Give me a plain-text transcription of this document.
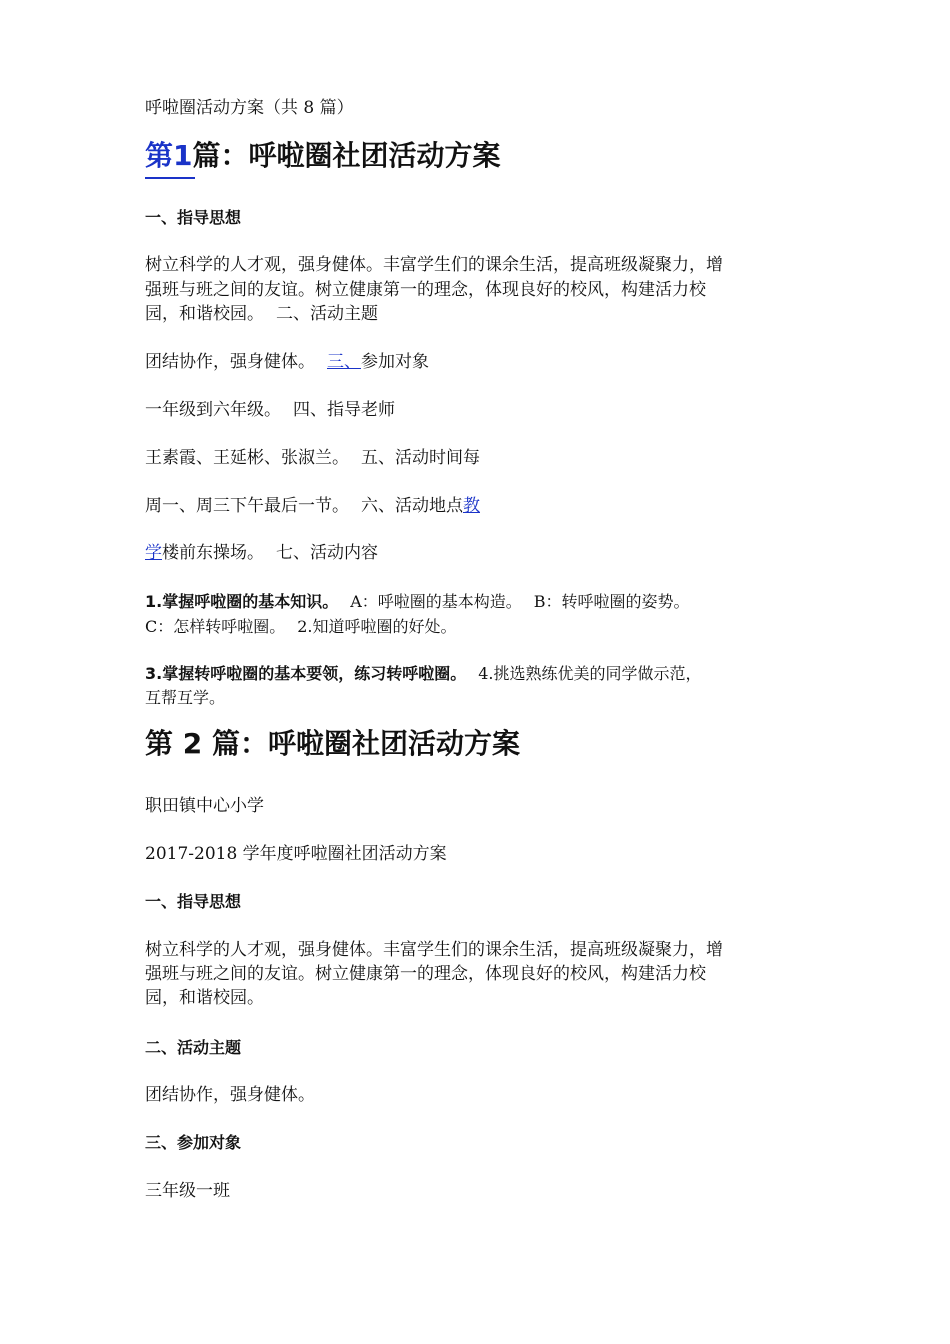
呼啦圈活动方案（共 8 篇）
第1篇：呼啦圈社团活动方案
一、指导思想
树立科学的人才观，强身健体。丰富学生们的课余生活，提高班级凝聚力，增
强班与班之间的友谊。树立健康第一的理念，体现良好的校风，构建活力校
园，和谐校园。 二、活动主题
团结协作，强身健体。 三、参加对象
一年级到六年级。 四、指导老师
王素霞、王延彬、张淑兰。 五、活动时间每
周一、周三下午最后一节。 六、活动地点教
学楼前东操场。 七、活动内容
1.掌握呼啦圈的基本知识。 A：呼啦圈的基本构造。 B：转呼啦圈的姿势。
C：怎样转呼啦圈。 2.知道呼啦圈的好处。
3.掌握转呼啦圈的基本要领，练习转呼啦圈。 4.挑选熟练优美的同学做示范，
互帮互学。
第 2 篇：呼啦圈社团活动方案
职田镇中心小学
2017-2018 学年度呼啦圈社团活动方案
一、指导思想
树立科学的人才观，强身健体。丰富学生们的课余生活，提高班级凝聚力，增
强班与班之间的友谊。树立健康第一的理念，体现良好的校风，构建活力校
园，和谐校园。
二、活动主题
团结协作，强身健体。
三、参加对象
三年级一班
